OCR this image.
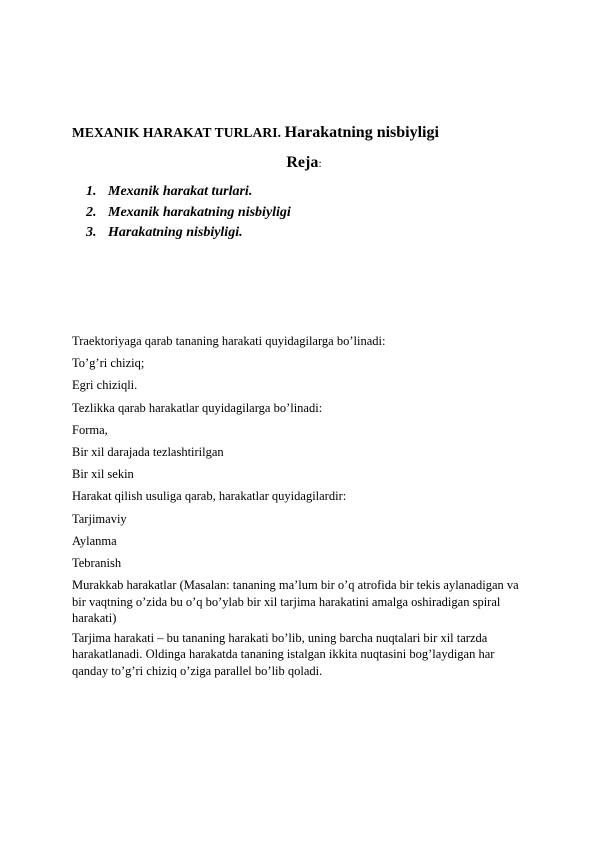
MEXANIK HARAKAT TURLARI. Harakatning nisbiyligi
Reja:
1. Mexanik harakat turlari.
2. Mexanik harakatning nisbiyligi
3. Harakatning nisbiyligi.
Traektoriyaga qarab tananing harakati quyidagilarga bo’linadi:
To’g’ri chiziq;
Egri chiziqli.
Tezlikka qarab harakatlar quyidagilarga bo’linadi:
Forma,
Bir xil darajada tezlashtirilgan
Bir xil sekin
Harakat qilish usuliga qarab, harakatlar quyidagilardir:
Tarjimaviy
Aylanma
Tebranish
Murakkab harakatlar (Masalan: tananing ma’lum bir o’q atrofida bir tekis aylanadigan va bir vaqtning o’zida bu o’q bo’ylab bir xil tarjima harakatini amalga oshiradigan spiral harakati)
Tarjima harakati – bu tananing harakati bo’lib, uning barcha nuqtalari bir xil tarzda harakatlanadi. Oldinga harakatda tananing istalgan ikkita nuqtasini bog’laydigan har qanday to’g’ri chiziq o’ziga parallel bo’lib qoladi.
